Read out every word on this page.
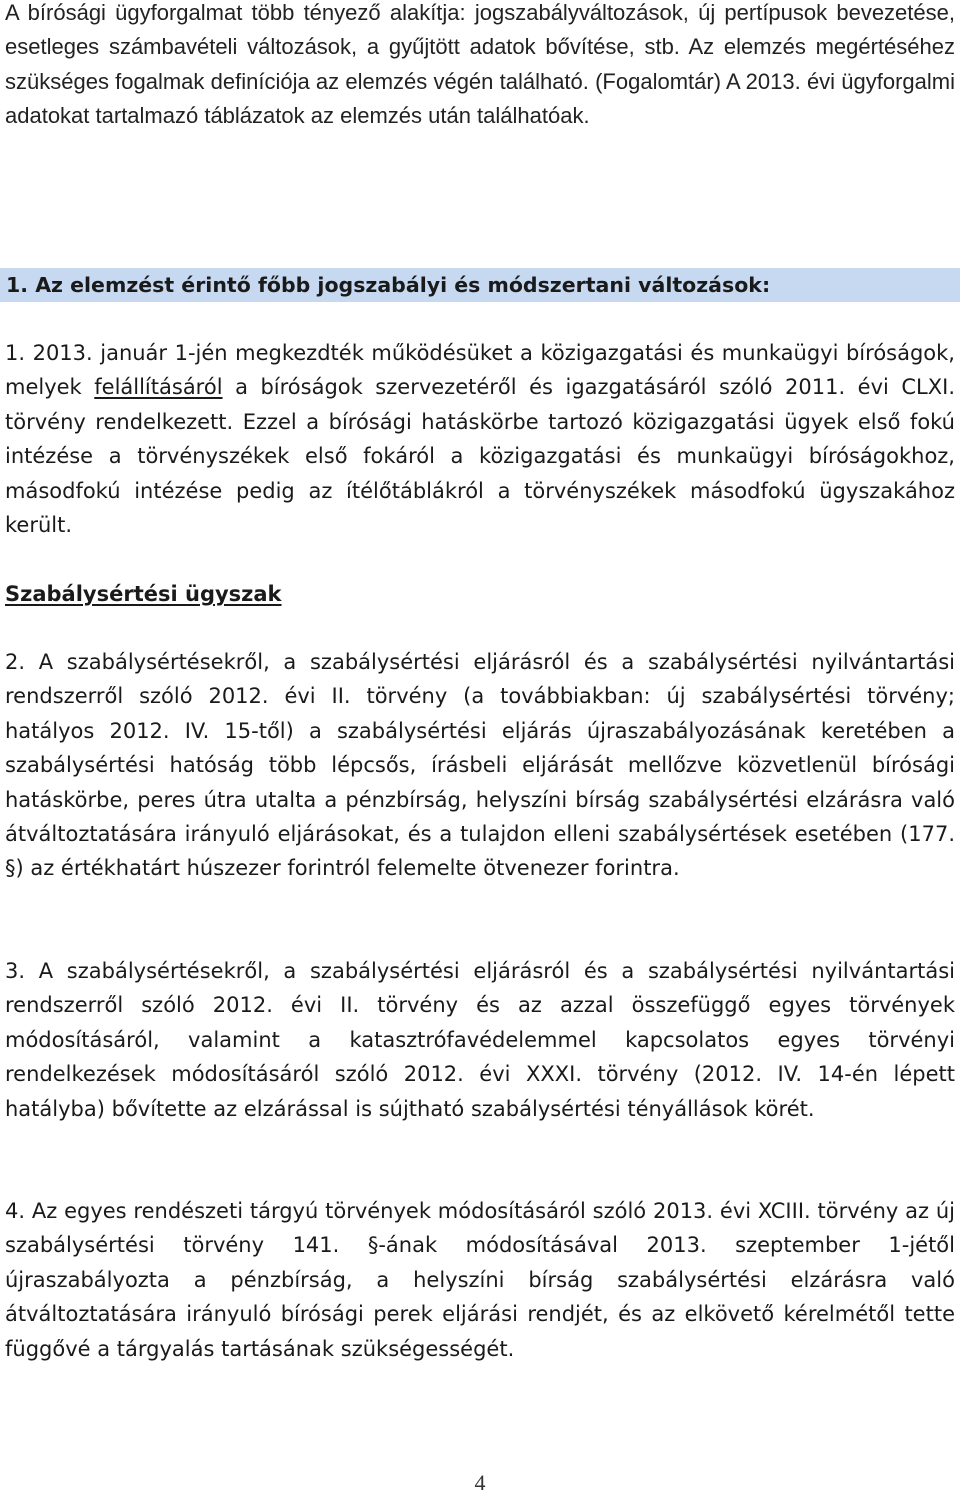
A bírósági ügyforgalmat több tényező alakítja: jogszabályváltozások, új pertípusok bevezetése, esetleges számbavételi változások, a gyűjtött adatok bővítése, stb. Az elemzés megértéséhez szükséges fogalmak definíciója az elemzés végén található. (Fogalomtár) A 2013. évi ügyforgalmi adatokat tartalmazó táblázatok az elemzés után találhatóak.

1. Az elemzést érintő főbb jogszabályi és módszertani változások:

1. 2013. január 1-jén megkezdték működésüket a közigazgatási és munkaügyi bíróságok, melyek felállításáról a bíróságok szervezetéről és igazgatásáról szóló 2011. évi CLXI. törvény rendelkezett. Ezzel a bírósági hatáskörbe tartozó közigazgatási ügyek első fokú intézése a törvényszékek első fokáról a közigazgatási és munkaügyi bíróságokhoz, másodfokú intézése pedig az ítélőtáblákról a törvényszékek másodfokú ügyszakához került.

Szabálysértési ügyszak

2. A szabálysértésekről, a szabálysértési eljárásról és a szabálysértési nyilvántartási rendszerről szóló 2012. évi II. törvény (a továbbiakban: új szabálysértési törvény; hatályos 2012. IV. 15-től) a szabálysértési eljárás újraszabályozásának keretében a szabálysértési hatóság több lépcsős, írásbeli eljárását mellőzve közvetlenül bírósági hatáskörbe, peres útra utalta a pénzbírság, helyszíni bírság szabálysértési elzárásra való átváltoztatására irányuló eljárásokat, és a tulajdon elleni szabálysértések esetében (177. §) az értékhatárt húszezer forintról felemelte ötvenezer forintra.

3. A szabálysértésekről, a szabálysértési eljárásról és a szabálysértési nyilvántartási rendszerről szóló 2012. évi II. törvény és az azzal összefüggő egyes törvények módosításáról, valamint a katasztrófavédelemmel kapcsolatos egyes törvényi rendelkezések módosításáról szóló 2012. évi XXXI. törvény (2012. IV. 14-én lépett hatályba) bővítette az elzárással is sújtható szabálysértési tényállások körét.

4. Az egyes rendészeti tárgyú törvények módosításáról szóló 2013. évi XCIII. törvény az új szabálysértési törvény 141. §-ának módosításával 2013. szeptember 1-jétől újraszabályozta a pénzbírság, a helyszíni bírság szabálysértési elzárásra való átváltoztatására irányuló bírósági perek eljárási rendjét, és az elkövető kérelmétől tette függővé a tárgyalás tartásának szükségességét.

4
